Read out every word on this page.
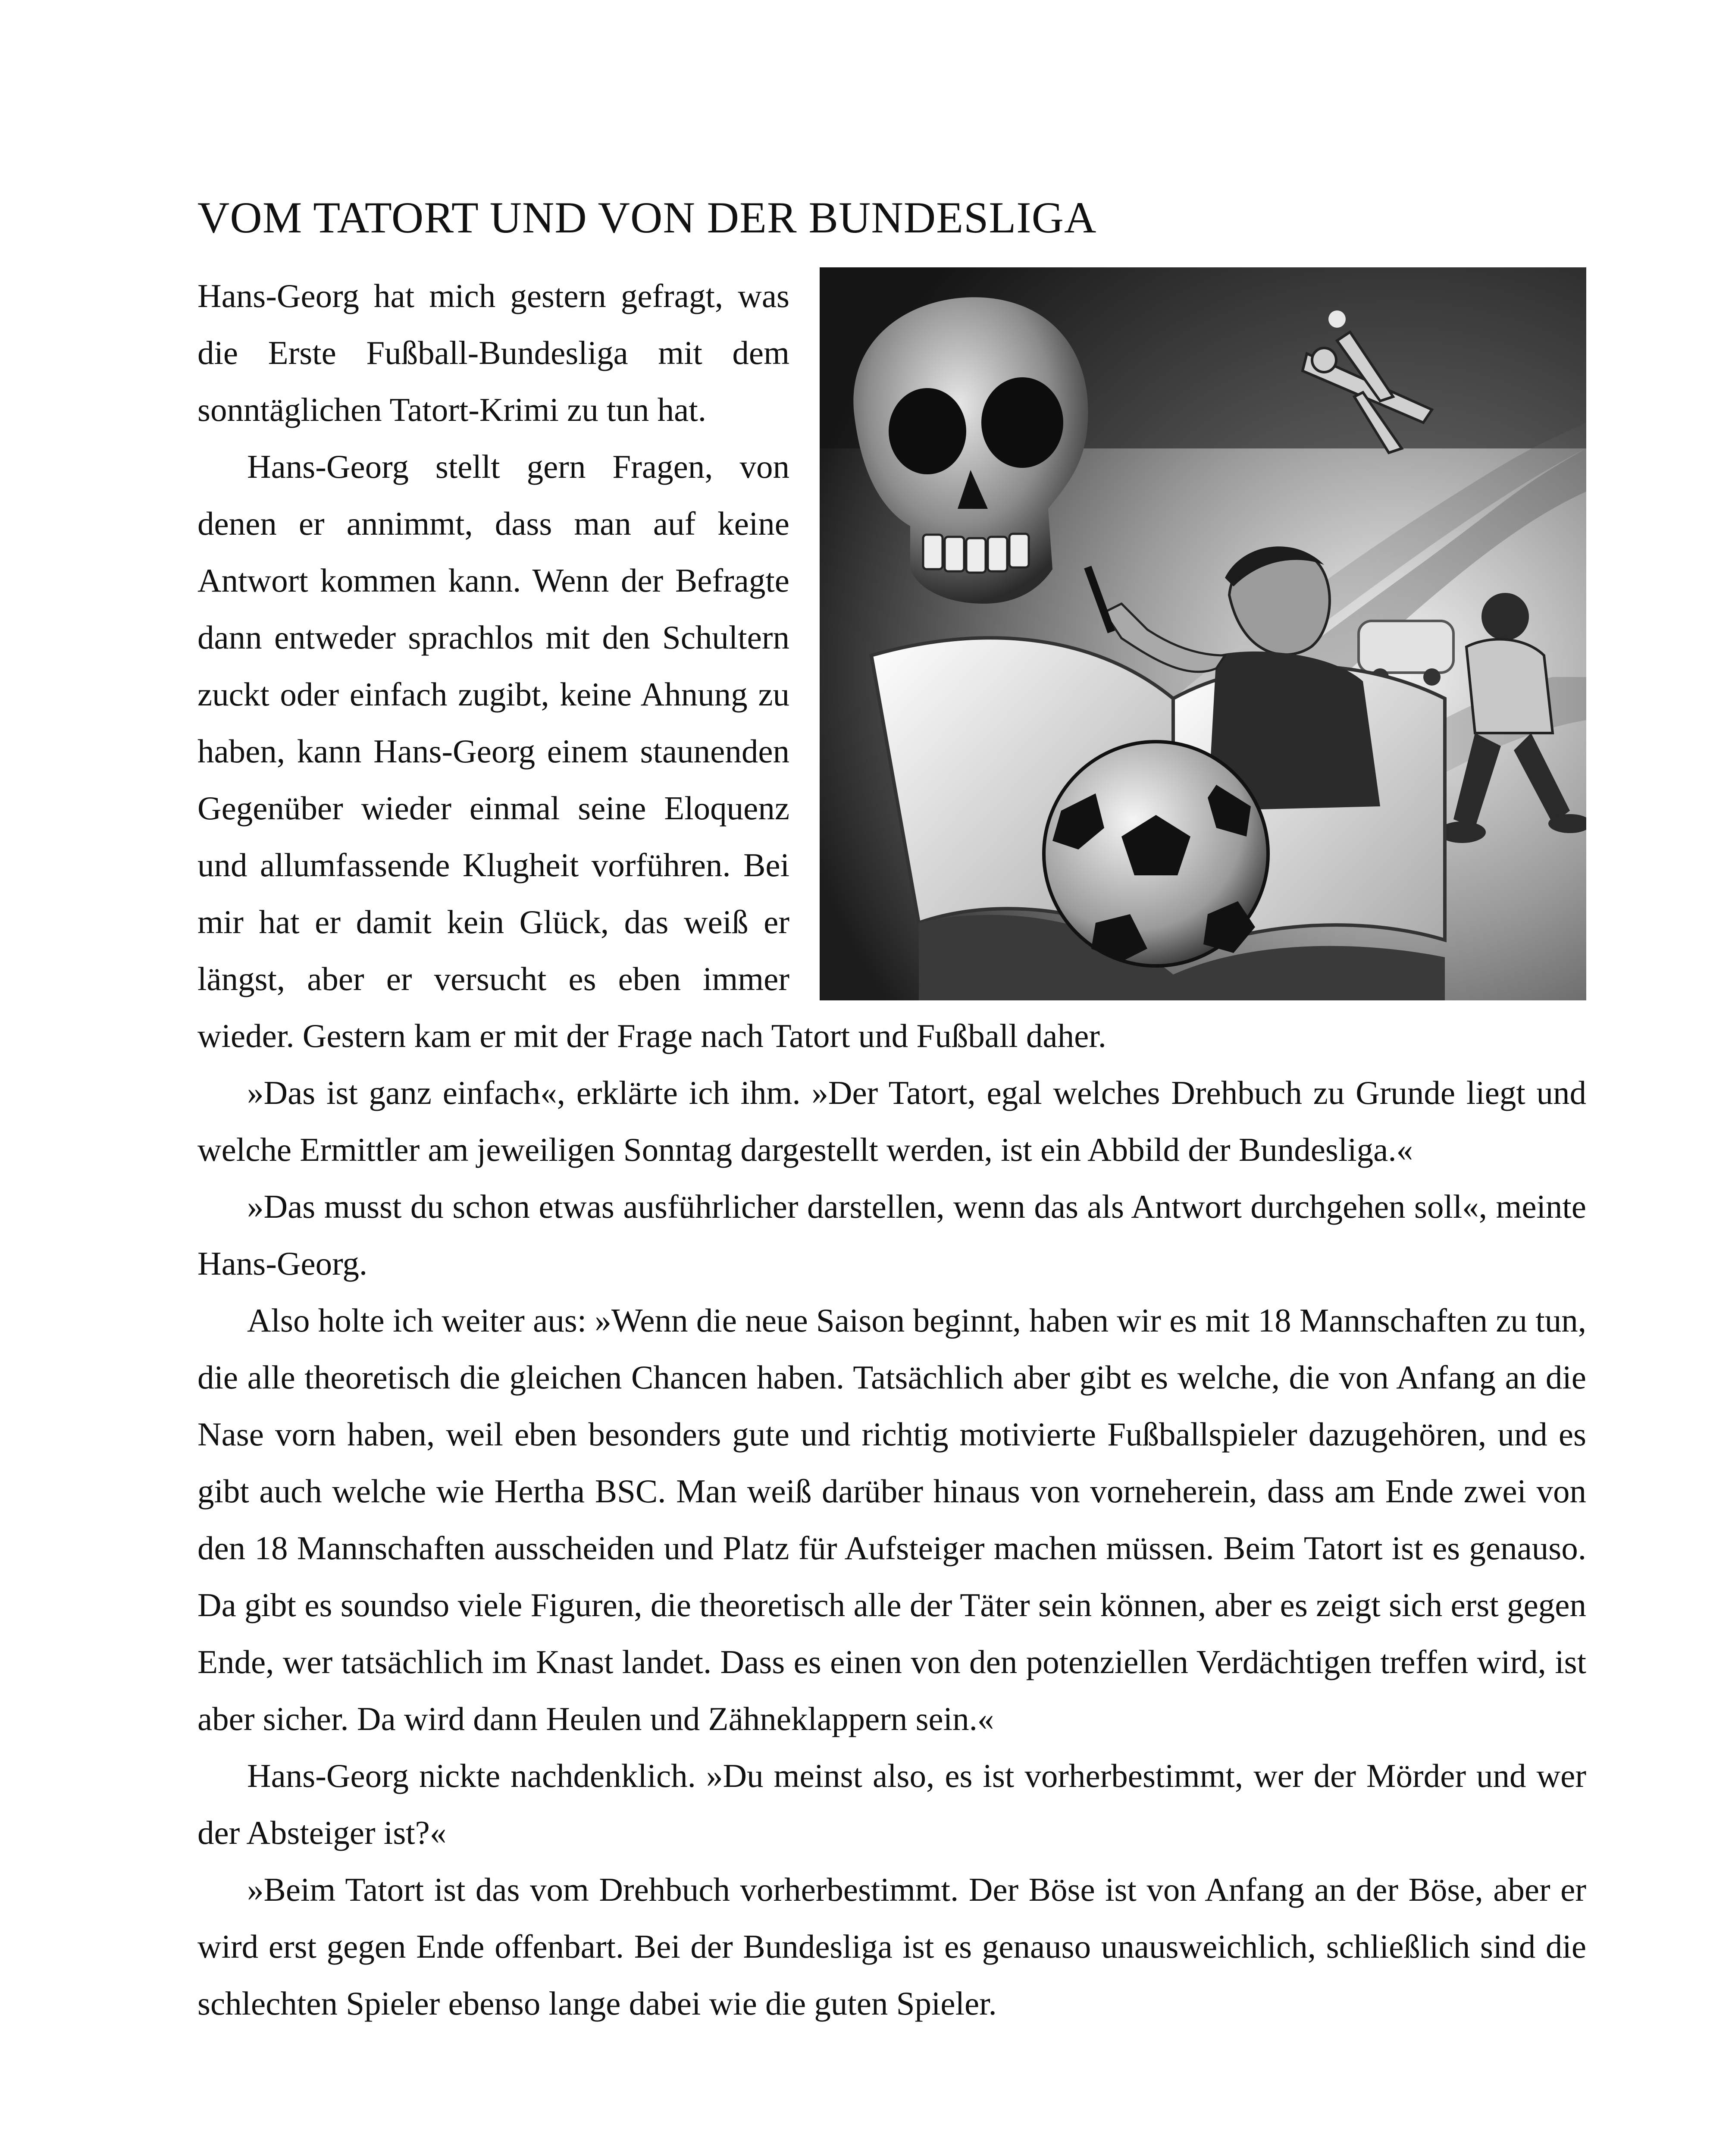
VOM TATORT UND VON DER BUNDESLIGA

Hans-Georg hat mich gestern gefragt, was die Erste Fußball-Bundesliga mit dem sonntäglichen Tatort-Krimi zu tun hat.

Hans-Georg stellt gern Fragen, von denen er annimmt, dass man auf keine Antwort kommen kann. Wenn der Befragte dann entweder sprachlos mit den Schultern zuckt oder einfach zugibt, keine Ahnung zu haben, kann Hans-Georg einem staunenden Gegenüber wieder einmal seine Eloquenz und allumfassende Klugheit vorführen. Bei mir hat er damit kein Glück, das weiß er längst, aber er versucht es eben immer wieder. Gestern kam er mit der Frage nach Tatort und Fußball daher.

»Das ist ganz einfach«, erklärte ich ihm. »Der Tatort, egal welches Drehbuch zu Grunde liegt und welche Ermittler am jeweiligen Sonntag dargestellt werden, ist ein Abbild der Bundesliga.«

»Das musst du schon etwas ausführlicher darstellen, wenn das als Antwort durchgehen soll«, meinte Hans-Georg.

Also holte ich weiter aus: »Wenn die neue Saison beginnt, haben wir es mit 18 Mannschaften zu tun, die alle theoretisch die gleichen Chancen haben. Tatsächlich aber gibt es welche, die von Anfang an die Nase vorn haben, weil eben besonders gute und richtig motivierte Fußballspieler dazugehören, und es gibt auch welche wie Hertha BSC. Man weiß darüber hinaus von vorneherein, dass am Ende zwei von den 18 Mannschaften ausscheiden und Platz für Aufsteiger machen müssen. Beim Tatort ist es genauso. Da gibt es soundso viele Figuren, die theoretisch alle der Täter sein können, aber es zeigt sich erst gegen Ende, wer tatsächlich im Knast landet. Dass es einen von den potenziellen Verdächtigen treffen wird, ist aber sicher. Da wird dann Heulen und Zähneklappern sein.«

Hans-Georg nickte nachdenklich. »Du meinst also, es ist vorherbestimmt, wer der Mörder und wer der Absteiger ist?«

»Beim Tatort ist das vom Drehbuch vorherbestimmt. Der Böse ist von Anfang an der Böse, aber er wird erst gegen Ende offenbart. Bei der Bundesliga ist es genauso unausweichlich, schließlich sind die schlechten Spieler ebenso lange dabei wie die guten Spieler.
